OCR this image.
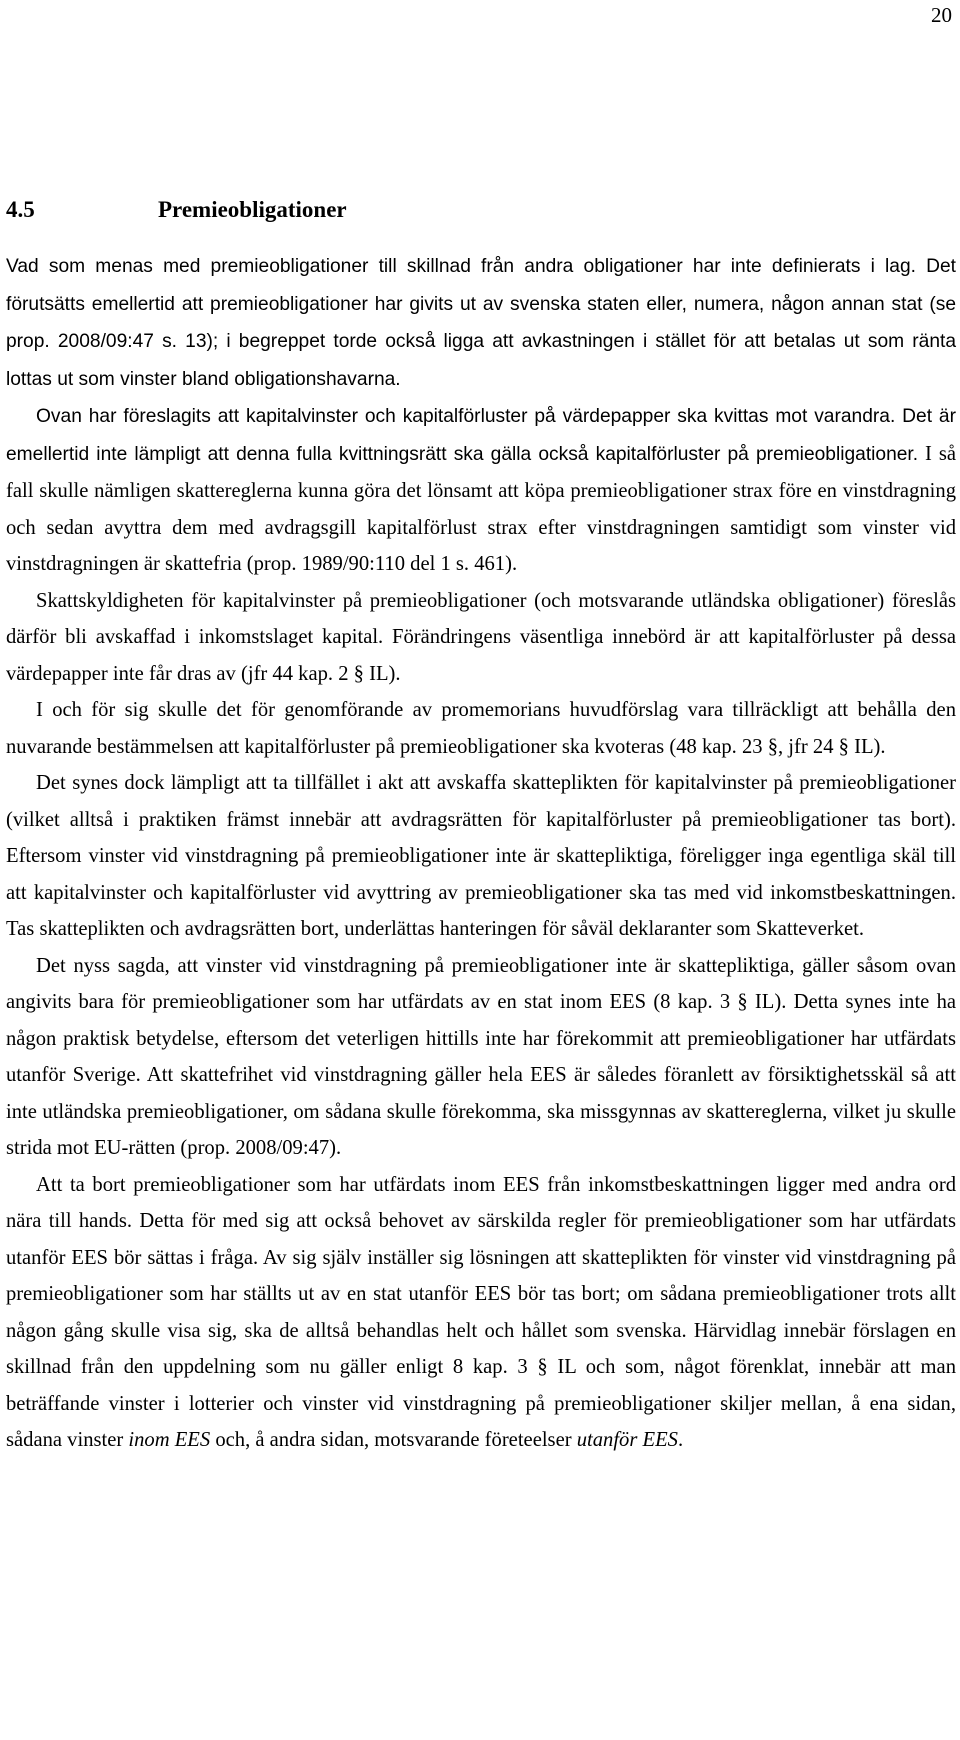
20
4.5	Premieobligationer

Vad som menas med premieobligationer till skillnad från andra obligationer har inte definierats i lag. Det förutsätts emellertid att premieobligationer har givits ut av svenska staten eller, numera, någon annan stat (se prop. 2008/09:47 s. 13); i begreppet torde också ligga att avkastningen i stället för att betalas ut som ränta lottas ut som vinster bland obligationshavarna.

Ovan har föreslagits att kapitalvinster och kapitalförluster på värdepapper ska kvittas mot varandra. Det är emellertid inte lämpligt att denna fulla kvittningsrätt ska gälla också kapitalförluster på premieobligationer. I så fall skulle nämligen skattereglerna kunna göra det lönsamt att köpa premieobligationer strax före en vinstdragning och sedan avyttra dem med avdragsgill kapitalförlust strax efter vinstdragningen samtidigt som vinster vid vinstdragningen är skattefria (prop. 1989/90:110 del 1 s. 461).

Skattskyldigheten för kapitalvinster på premieobligationer (och motsvarande utländska obligationer) föreslås därför bli avskaffad i inkomstslaget kapital. Förändringens väsentliga innebörd är att kapitalförluster på dessa värdepapper inte får dras av (jfr 44 kap. 2 § IL).

I och för sig skulle det för genomförande av promemorians huvudförslag vara tillräckligt att behålla den nuvarande bestämmelsen att kapitalförluster på premieobligationer ska kvoteras (48 kap. 23 §, jfr 24 § IL).

Det synes dock lämpligt att ta tillfället i akt att avskaffa skatteplikten för kapitalvinster på premieobligationer (vilket alltså i praktiken främst innebär att avdragsrätten för kapitalförluster på premieobligationer tas bort). Eftersom vinster vid vinstdragning på premieobligationer inte är skattepliktiga, föreligger inga egentliga skäl till att kapitalvinster och kapitalförluster vid avyttring av premieobligationer ska tas med vid inkomstbeskattningen. Tas skatteplikten och avdragsrätten bort, underlättas hanteringen för såväl deklaranter som Skatteverket.

Det nyss sagda, att vinster vid vinstdragning på premieobligationer inte är skattepliktiga, gäller såsom ovan angivits bara för premieobligationer som har utfärdats av en stat inom EES (8 kap. 3 § IL). Detta synes inte ha någon praktisk betydelse, eftersom det veterligen hittills inte har förekommit att premieobligationer har utfärdats utanför Sverige. Att skattefrihet vid vinstdragning gäller hela EES är således föranlett av försiktighetsskäl så att inte utländska premieobligationer, om sådana skulle förekomma, ska missgynnas av skattereglerna, vilket ju skulle strida mot EU-rätten (prop. 2008/09:47).

Att ta bort premieobligationer som har utfärdats inom EES från inkomstbeskattningen ligger med andra ord nära till hands. Detta för med sig att också behovet av särskilda regler för premieobligationer som har utfärdats utanför EES bör sättas i fråga. Av sig själv inställer sig lösningen att skatteplikten för vinster vid vinstdragning på premieobligationer som har ställts ut av en stat utanför EES bör tas bort; om sådana premieobligationer trots allt någon gång skulle visa sig, ska de alltså behandlas helt och hållet som svenska. Härvidlag innebär förslagen en skillnad från den uppdelning som nu gäller enligt 8 kap. 3 § IL och som, något förenklat, innebär att man beträffande vinster i lotterier och vinster vid vinstdragning på premieobligationer skiljer mellan, å ena sidan, sådana vinster inom EES och, å andra sidan, motsvarande företeelser utanför EES.
